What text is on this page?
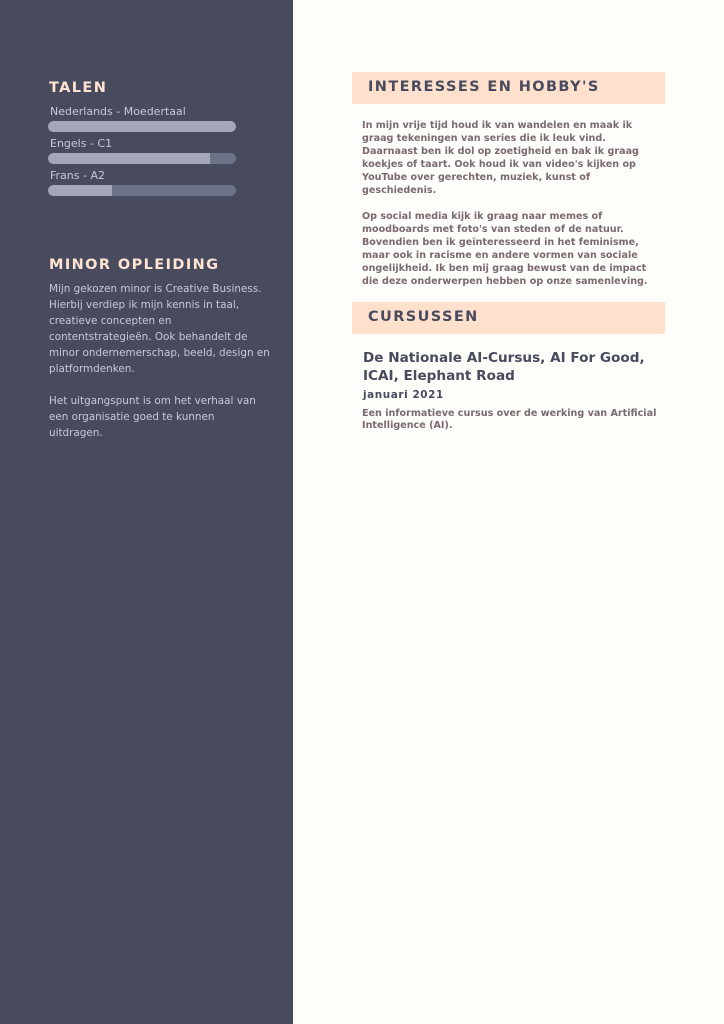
TALEN
Nederlands - Moedertaal
Engels - C1
Frans - A2
MINOR OPLEIDING

Mijn gekozen minor is Creative Business. Hierbij verdiep ik mijn kennis in taal, creatieve concepten en contentstrategieën. Ook behandelt de minor ondernemerschap, beeld, design en platformdenken.

Het uitgangspunt is om het verhaal van een organisatie goed te kunnen uitdragen.

INTERESSES EN HOBBY'S

In mijn vrije tijd houd ik van wandelen en maak ik graag tekeningen van series die ik leuk vind. Daarnaast ben ik dol op zoetigheid en bak ik graag koekjes of taart. Ook houd ik van video's kijken op YouTube over gerechten, muziek, kunst of geschiedenis.

Op social media kijk ik graag naar memes of moodboards met foto's van steden of de natuur. Bovendien ben ik geïnteresseerd in het feminisme, maar ook in racisme en andere vormen van sociale ongelijkheid. Ik ben mij graag bewust van de impact die deze onderwerpen hebben op onze samenleving.

CURSUSSEN
De Nationale AI-Cursus, AI For Good, ICAI, Elephant Road
januari 2021

Een informatieve cursus over de werking van Artificial Intelligence (AI).
